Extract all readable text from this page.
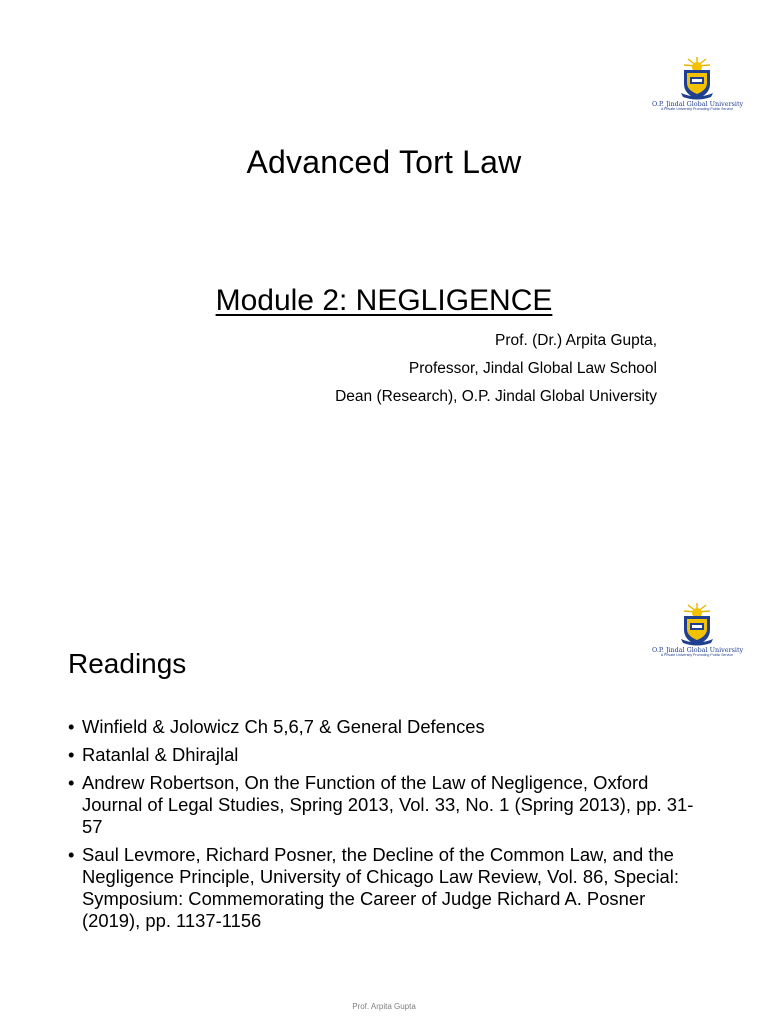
O.P. Jindal Global University
A Private University Promoting Public Service
Advanced Tort Law
Module 2: NEGLIGENCE
Prof. (Dr.) Arpita Gupta,
Professor, Jindal Global Law School
Dean (Research), O.P. Jindal Global University
O.P. Jindal Global University
A Private University Promoting Public Service
Readings
• Winfield & Jolowicz Ch 5,6,7 & General Defences
• Ratanlal & Dhirajlal
• Andrew Robertson, On the Function of the Law of Negligence, Oxford Journal of Legal Studies, Spring 2013, Vol. 33, No. 1 (Spring 2013), pp. 31-57
• Saul Levmore, Richard Posner, the Decline of the Common Law, and the Negligence Principle, University of Chicago Law Review, Vol. 86, Special: Symposium: Commemorating the Career of Judge Richard A. Posner (2019), pp. 1137-1156
Prof. Arpita Gupta
